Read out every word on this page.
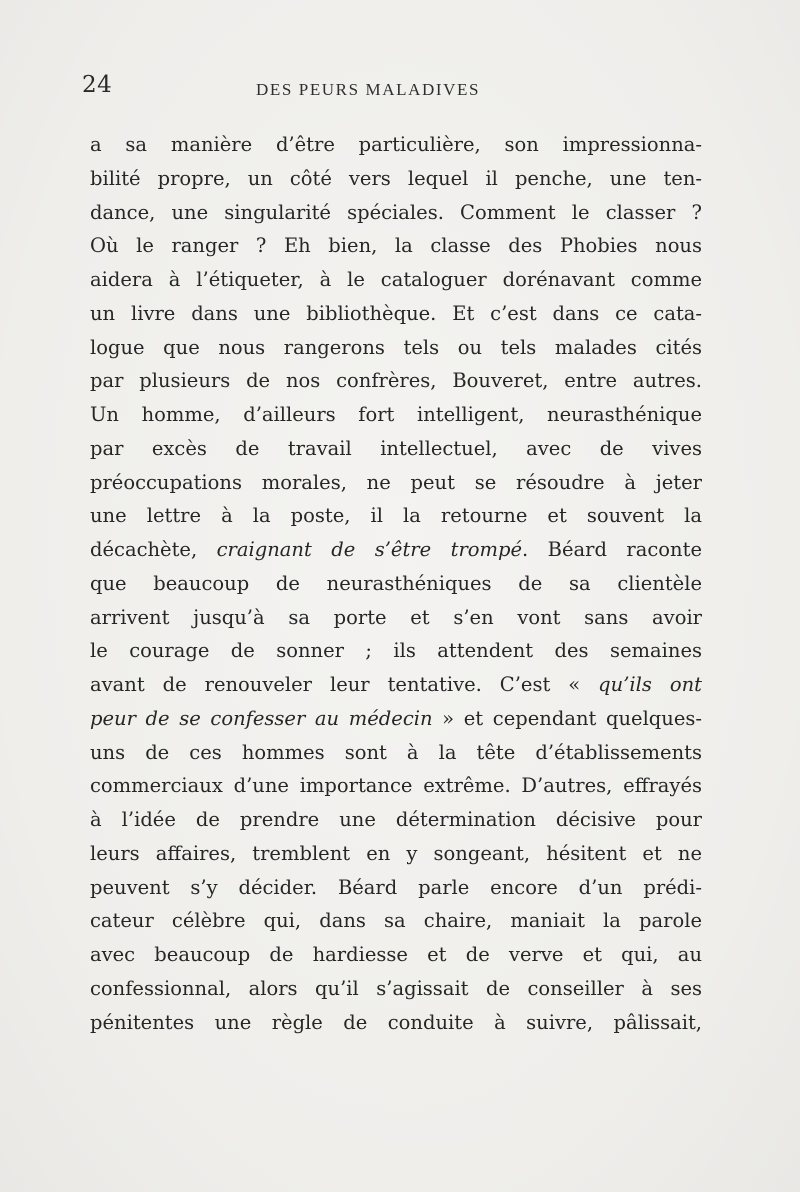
24	DES PEURS MALADIVES
a sa manière d’être particulière, son impressionna-
bilité propre, un côté vers lequel il penche, une ten-
dance, une singularité spéciales. Comment le classer ?
Où le ranger ? Eh bien, la classe des Phobies nous
aidera à l’étiqueter, à le cataloguer dorénavant comme
un livre dans une bibliothèque. Et c’est dans ce cata-
logue que nous rangerons tels ou tels malades cités
par plusieurs de nos confrères, Bouveret, entre autres.
Un homme, d’ailleurs fort intelligent, neurasthénique
par excès de travail intellectuel, avec de vives
préoccupations morales, ne peut se résoudre à jeter
une lettre à la poste, il la retourne et souvent la
décachète, craignant de s’être trompé. Béard raconte
que beaucoup de neurasthéniques de sa clientèle
arrivent jusqu’à sa porte et s’en vont sans avoir
le courage de sonner ; ils attendent des semaines
avant de renouveler leur tentative. C’est « qu’ils ont
peur de se confesser au médecin » et cependant quelques-
uns de ces hommes sont à la tête d’établissements
commerciaux d’une importance extrême. D’autres, effrayés
à l’idée de prendre une détermination décisive pour
leurs affaires, tremblent en y songeant, hésitent et ne
peuvent s’y décider. Béard parle encore d’un prédi-
cateur célèbre qui, dans sa chaire, maniait la parole
avec beaucoup de hardiesse et de verve et qui, au
confessionnal, alors qu’il s’agissait de conseiller à ses
pénitentes une règle de conduite à suivre, pâlissait,
